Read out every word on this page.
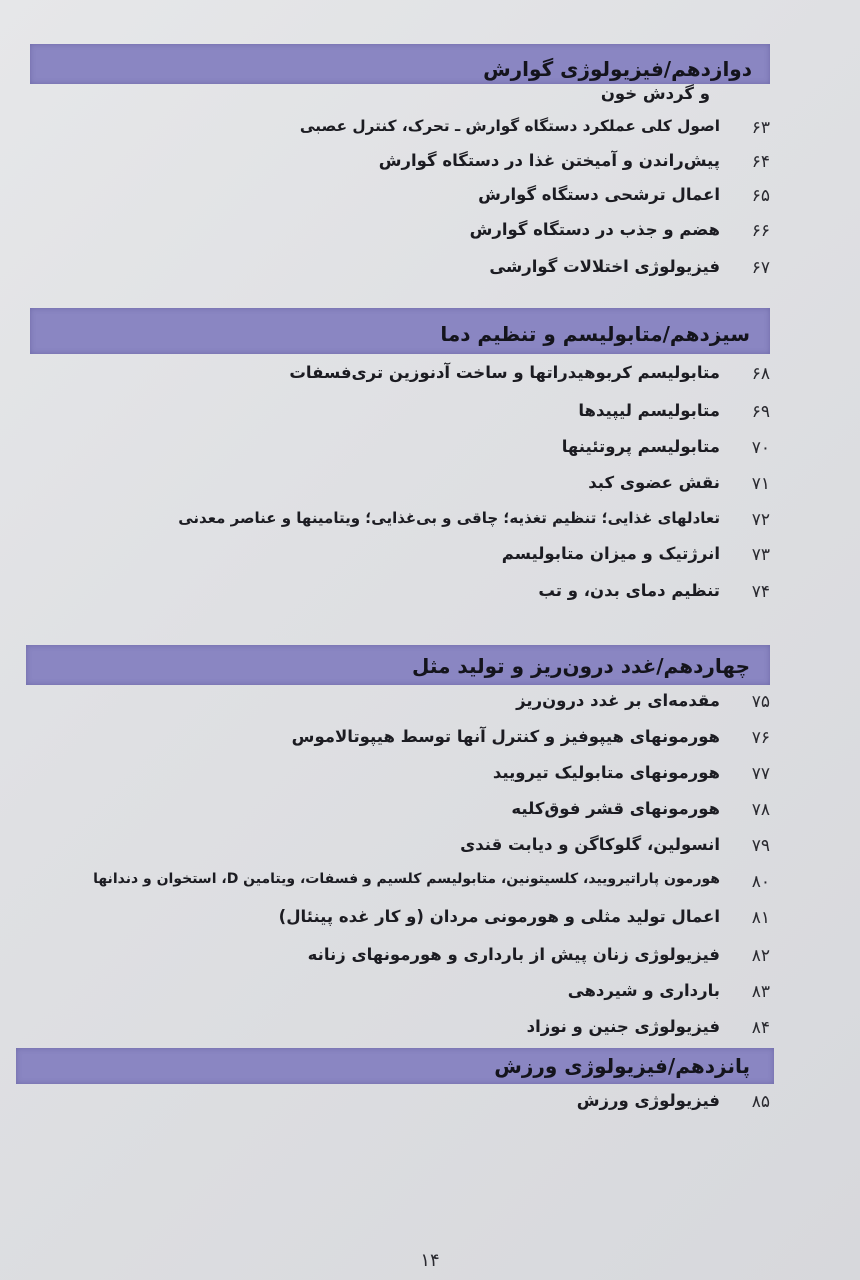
دوازدهم/فیزیولوژی گوارش
و گردش خون
۶۳
اصول کلی عملکرد دستگاه گوارش ـ تحرک، کنترل عصبی
۶۴
پیش‌راندن و آمیختن غذا در دستگاه گوارش
۶۵
اعمال ترشحی دستگاه گوارش
۶۶
هضم و جذب در دستگاه گوارش
۶۷
فیزیولوژی اختلالات گوارشی
سیزدهم/متابولیسم و تنظیم دما
۶۸
متابولیسم کربوهیدراتها و ساخت آدنوزین تری‌فسفات
۶۹
متابولیسم لیپیدها
۷۰
متابولیسم پروتئینها
۷۱
نقش عضوی کبد
۷۲
تعادلهای غذایی؛ تنظیم تغذیه؛ چاقی و بی‌غذایی؛ ویتامینها و عناصر معدنی
۷۳
انرژتیک و میزان متابولیسم
۷۴
تنظیم دمای بدن، و تب
چهاردهم/غدد درون‌ریز و تولید مثل
۷۵
مقدمه‌ای بر غدد درون‌ریز
۷۶
هورمونهای هیپوفیز و کنترل آنها توسط هیپوتالاموس
۷۷
هورمونهای متابولیک تیرویید
۷۸
هورمونهای قشر فوق‌کلیه
۷۹
انسولین، گلوکاگن و دیابت قندی
۸۰
هورمون پاراتیرویید، کلسیتونین، متابولیسم کلسیم و فسفات، ویتامین D، استخوان و دندانها
۸۱
اعمال تولید مثلی و هورمونی مردان (و کار غده پینئال)
۸۲
فیزیولوژی زنان پیش از بارداری و هورمونهای زنانه
۸۳
بارداری و شیردهی
۸۴
فیزیولوژی جنین و نوزاد
پانزدهم/فیزیولوژی ورزش
۸۵
فیزیولوژی ورزش
۱۴
